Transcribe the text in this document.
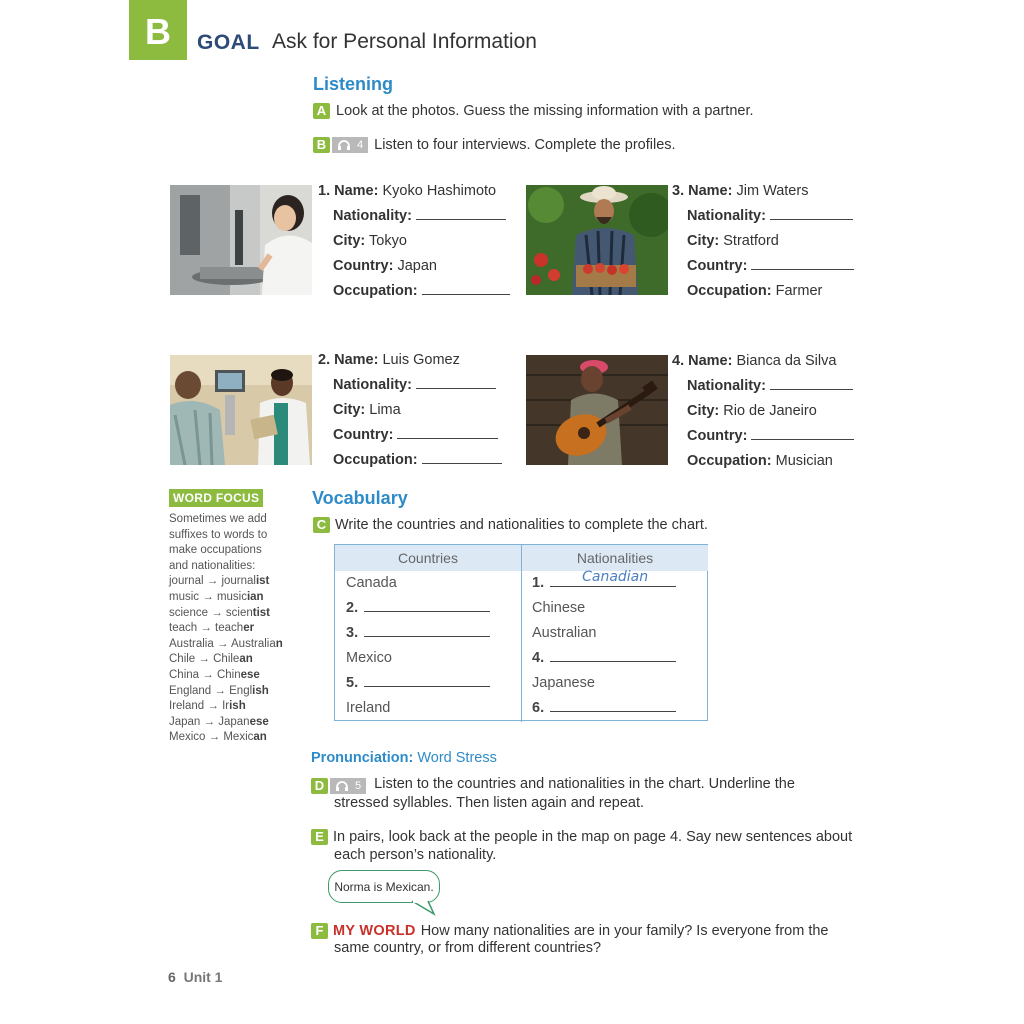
B	GOAL Ask for Personal Information
Listening
A Look at the photos. Guess the missing information with a partner.
B	4 Listen to four interviews. Complete the profiles.
1. Name: Kyoko Hashimoto
Nationality:
City: Tokyo
Country: Japan
Occupation:
2. Name: Luis Gomez
Nationality:
City: Lima
Country:
Occupation:
3. Name: Jim Waters
Nationality:
City: Stratford
Country:
Occupation: Farmer
4. Name: Bianca da Silva
Nationality:
City: Rio de Janeiro
Country:
Occupation: Musician
WORD FOCUS
Sometimes we add
suffixes to words to
make occupations
and nationalities:
journal → journalist
music → musician
science → scientist
teach → teacher
Australia → Australian
Chile → Chilean
China → Chinese
England → English
Ireland → Irish
Japan → Japanese
Mexico → Mexican
Vocabulary
C Write the countries and nationalities to complete the chart.
Countries	Nationalities
Canada	1.	Canadian
2.	Chinese
3.	Australian
Mexico	4.
5.	Japanese
Ireland	6.
Pronunciation: Word Stress
D	5 Listen to the countries and nationalities in the chart. Underline the
stressed syllables. Then listen again and repeat.
E In pairs, look back at the people in the map on page 4. Say new sentences about
each person’s nationality.
Norma is Mexican.
F MY WORLD How many nationalities are in your family? Is everyone from the
same country, or from different countries?
6 Unit 1
